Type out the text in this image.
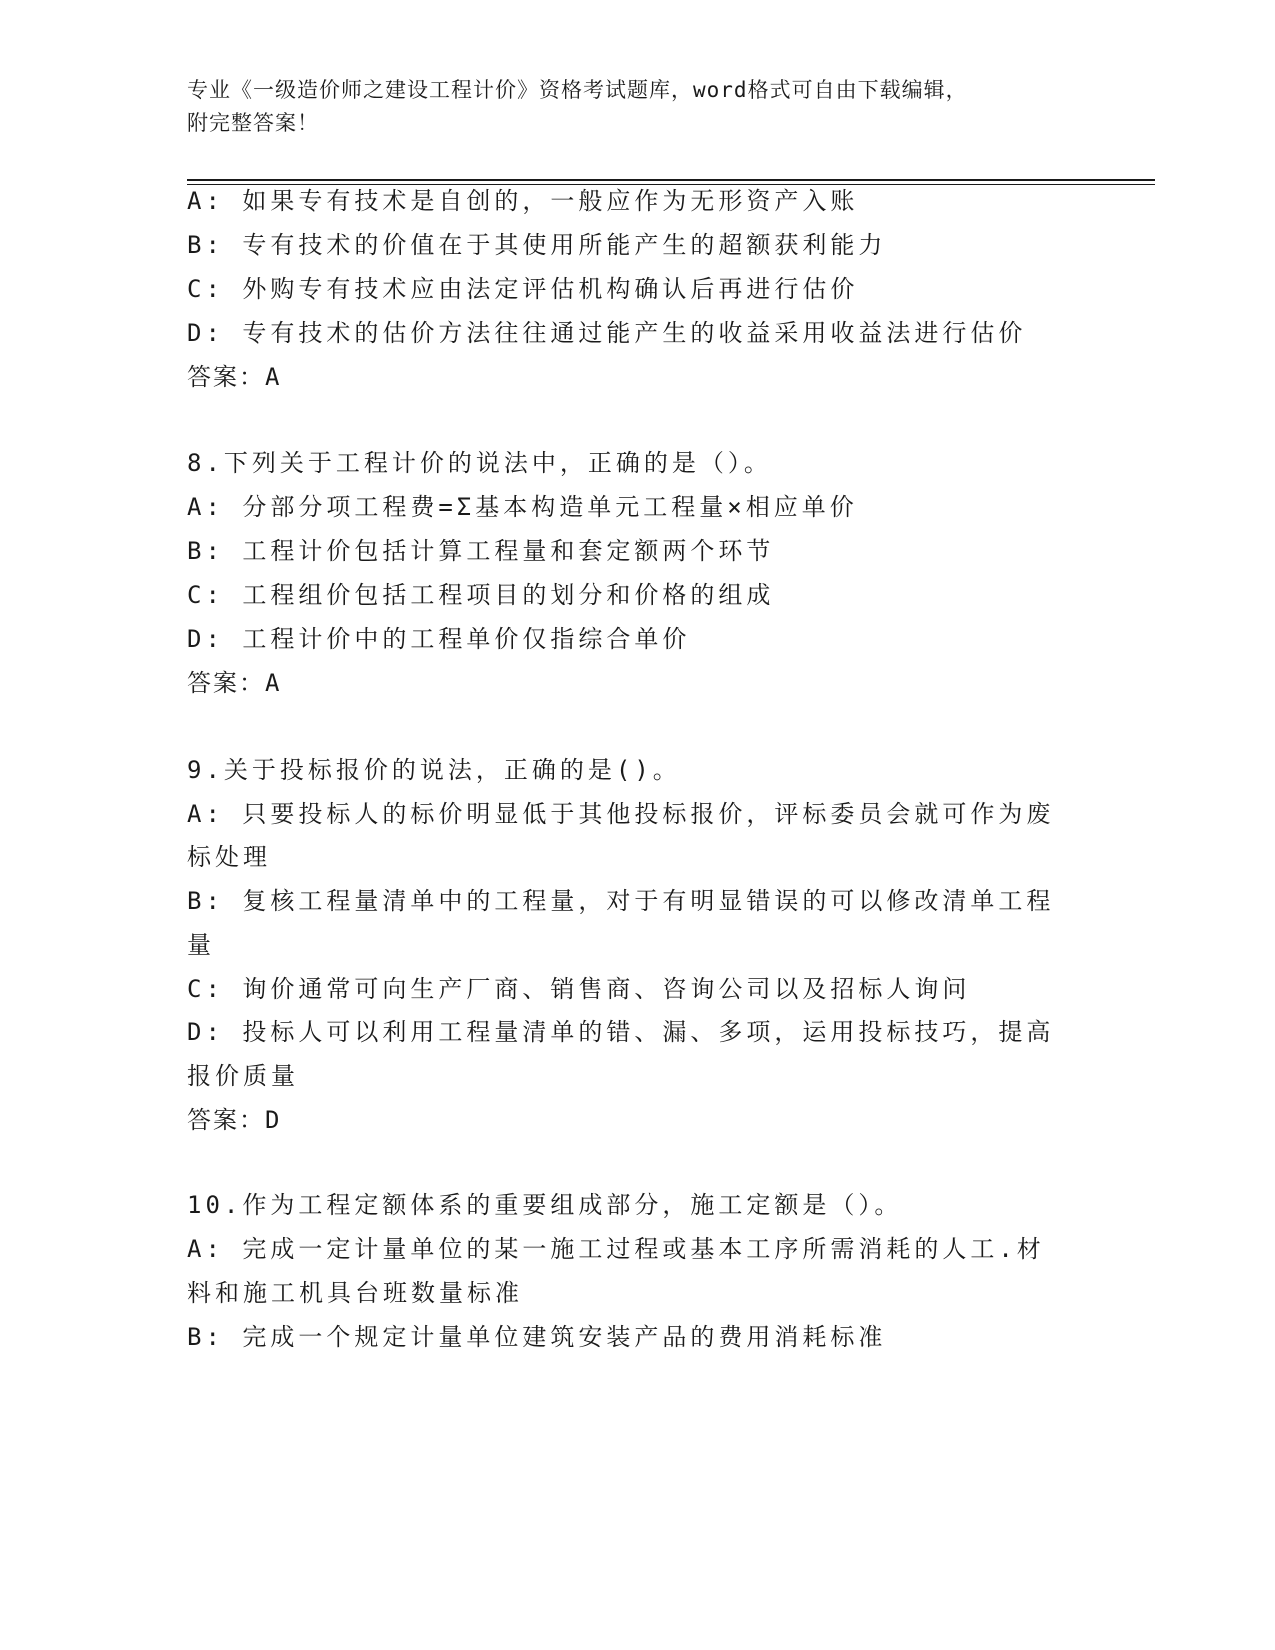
专业《一级造价师之建设工程计价》资格考试题库，word格式可自由下载编辑，
附完整答案！
A: 如果专有技术是自创的，一般应作为无形资产入账
B: 专有技术的价值在于其使用所能产生的超额获利能力
C: 外购专有技术应由法定评估机构确认后再进行估价
D: 专有技术的估价方法往往通过能产生的收益采用收益法进行估价
答案：A
8.下列关于工程计价的说法中，正确的是（）。
A: 分部分项工程费=Σ基本构造单元工程量×相应单价
B: 工程计价包括计算工程量和套定额两个环节
C: 工程组价包括工程项目的划分和价格的组成
D: 工程计价中的工程单价仅指综合单价
答案：A
9.关于投标报价的说法，正确的是()。
A: 只要投标人的标价明显低于其他投标报价，评标委员会就可作为废
标处理
B: 复核工程量清单中的工程量，对于有明显错误的可以修改清单工程
量
C: 询价通常可向生产厂商、销售商、咨询公司以及招标人询问
D: 投标人可以利用工程量清单的错、漏、多项，运用投标技巧，提高
报价质量
答案：D
10.作为工程定额体系的重要组成部分，施工定额是（）。
A: 完成一定计量单位的某一施工过程或基本工序所需消耗的人工.材
料和施工机具台班数量标准
B: 完成一个规定计量单位建筑安装产品的费用消耗标准
